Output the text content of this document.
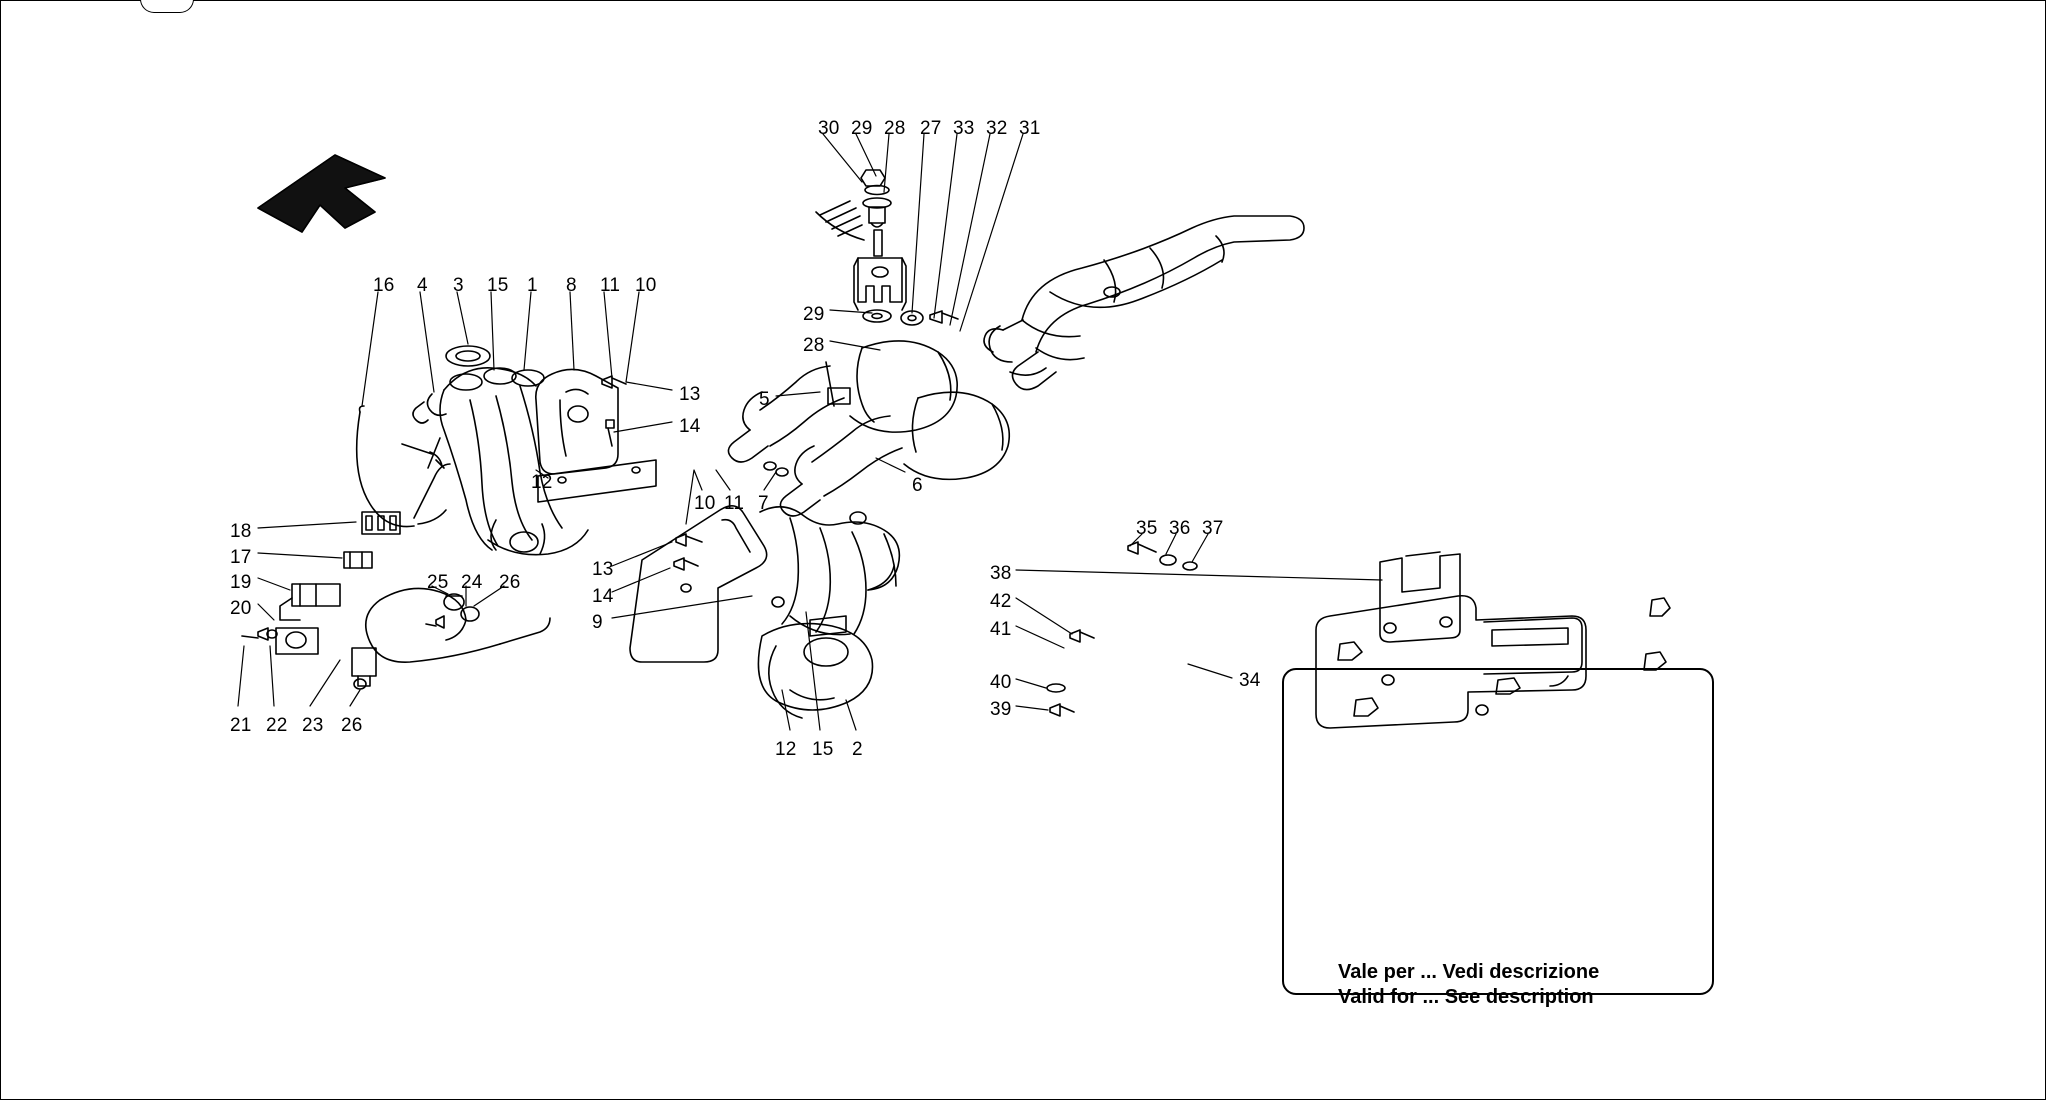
Vale per ... Vedi descrizione
Valid for ... See description
30 29 28 27 33 32 31
29
28
16 4 3 15 1 8 11 10
13
14
12
5
6
7
10 11
13
14
9
18
17
19
20
25 24 26
21 22 23 26
12 15 2
35 36 37
38
42
41
40
39
34
